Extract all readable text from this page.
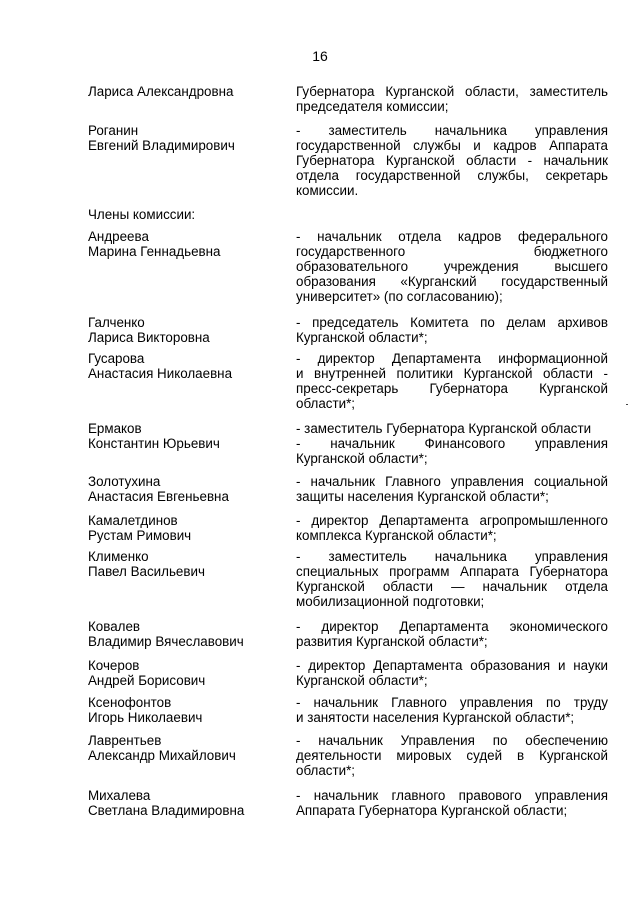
16
Члены комиссии:
Лариса Александровна	Губернатора Курганской области, заместитель
председателя комиссии;
Роганин
Евгений Владимирович
- заместитель начальника управления
государственной службы и кадров Аппарата
Губернатора Курганской области - начальник
отдела государственной службы, секретарь
комиссии.
Андреева
Марина Геннадьевна
- начальник отдела кадров федерального
государственного бюджетного
образовательного учреждения высшего
образования «Курганский государственный
университет» (по согласованию);
Галченко
Лариса Викторовна
- председатель Комитета по делам архивов
Курганской области*;
Гусарова
Анастасия Николаевна
- директор Департамента информационной
и внутренней политики Курганской области -
пресс-секретарь Губернатора Курганской
области*;
Ермаков
Константин Юрьевич
- заместитель Губернатора Курганской области
- начальник Финансового управления
Курганской области*;
Золотухина
Анастасия Евгеньевна
- начальник Главного управления социальной
защиты населения Курганской области*;
Камалетдинов
Рустам Римович
- директор Департамента агропромышленного
комплекса Курганской области*;
Клименко
Павел Васильевич
- заместитель начальника управления
специальных программ Аппарата Губернатора
Курганской области — начальник отдела
мобилизационной подготовки;
Ковалев
Владимир Вячеславович
- директор Департамента экономического
развития Курганской области*;
Кочеров
Андрей Борисович
- директор Департамента образования и науки
Курганской области*;
Ксенофонтов
Игорь Николаевич
- начальник Главного управления по труду
и занятости населения Курганской области*;
Лаврентьев
Александр Михайлович
- начальник Управления по обеспечению
деятельности мировых судей в Курганской
области*;
Михалева
Светлана Владимировна
- начальник главного правового управления
Аппарата Губернатора Курганской области;
